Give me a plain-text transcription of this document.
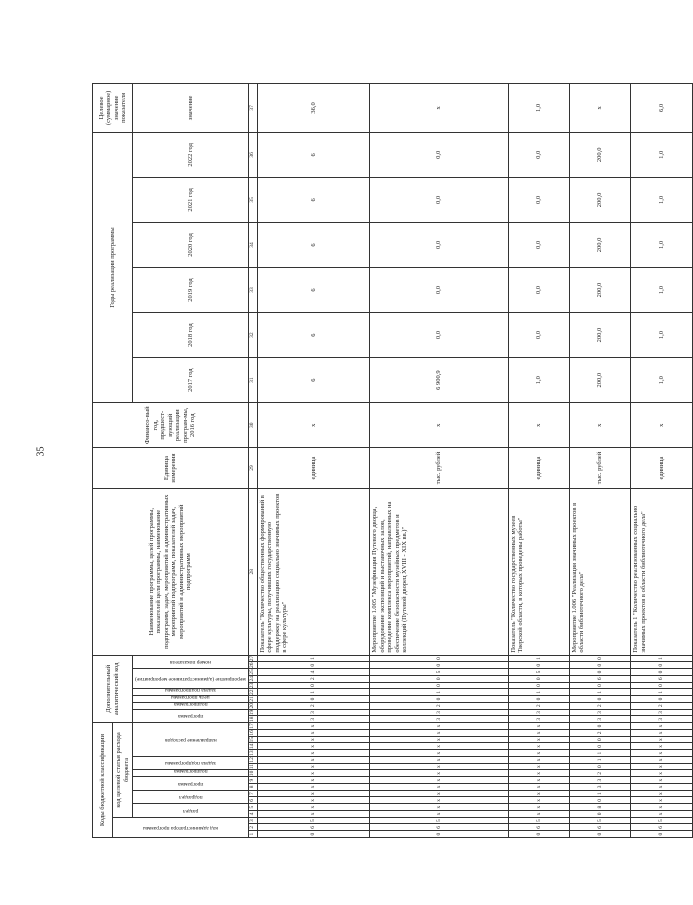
35
Коды бюджетной классификации																	Дополнительный аналитический код										Наименование программы, целей программы, показателей цели программы, наименование подпрограмм, задач, мероприятий и административных мероприятий подпрограмм, показателей задач, мероприятий и административных мероприятий подпрограмм	Единица измерения	Финансо-вый год, предшест-вующий реализации програм-мы, 2016 год	Годы реализации программы						Целевое (суммарное) значение показателя

код администратора программы			код целевой статьи расхода бюджета																																	

			раздел		подраздел		программа		подпрограмма	задача подпрограммы		направление расходов					программа		подпрограмма	цель программы	задача подпрограммы	мероприятие (административное мероприятие)			номер показателя					2017 год	2018 год	2019 год	2020 год	2021 год	2022 год	значение

1	2	3	4	5	6	7	8	9	10	11	12	13	14	15	16	17	18	19	20	21	22	23	24	25	26	27	28	29	30	31	32	33	34	35	36	37
0	6	5	x	x	x	x	x	x	x	x	x	x	x	x	x	x	3	3	2	0	1	0	2	4	0	1	Показатель "Количество общественных формирований в сфере культуры, получивших государственную поддержку на реализацию социально значимых проектов в сфере культуры"	единица	x	6	6	6	6	6	6	36,0
0	6	5	x	x	x	x	x	x	x	x	x	x	x	x	x	x	3	3	2	0	1	0	0	5	0	0	Мероприятие 1.005 "Музефикация Путевого дворца, оборудование экспозиций и выставочных залов, проведение комплекса мероприятий, направленных на обеспечение безопасности музейных предметов и коллекций (Путевой дворец XVIII - XIX вв.)"	тыс. рублей	x	6 900,9	0,0	0,0	0,0	0,0	0,0	x
0	6	5	x	x	x	x	x	x	x	x	x	x	x	x	x	x	3	3	2	0	1	0	0	5	0	1	Показатель "Количество государственных музеев Тверской области, в которых проведены работы"	единица	x	1,0	0,0	0,0	0,0	0,0	0,0	1,0
0	6	5	0	8	0	1	3	3	2	0	1	1	0	0	2	0	3	3	2	0	1	0	6	0	0	0	Мероприятие 1.006 "Реализация значимых проектов в области библиотечного дела"	тыс. рублей	x	200,0	200,0	200,0	200,0	200,0	200,0	x
0	6	5	x	x	x	x	x	x	x	x	x	x	x	x	x	x	3	3	2	0	1	0	6	0	0	1	Показатель 1 "Количество реализованных социально значимых проектов в области библиотечного дела"	единица	x	1,0	1,0	1,0	1,0	1,0	1,0	6,0
